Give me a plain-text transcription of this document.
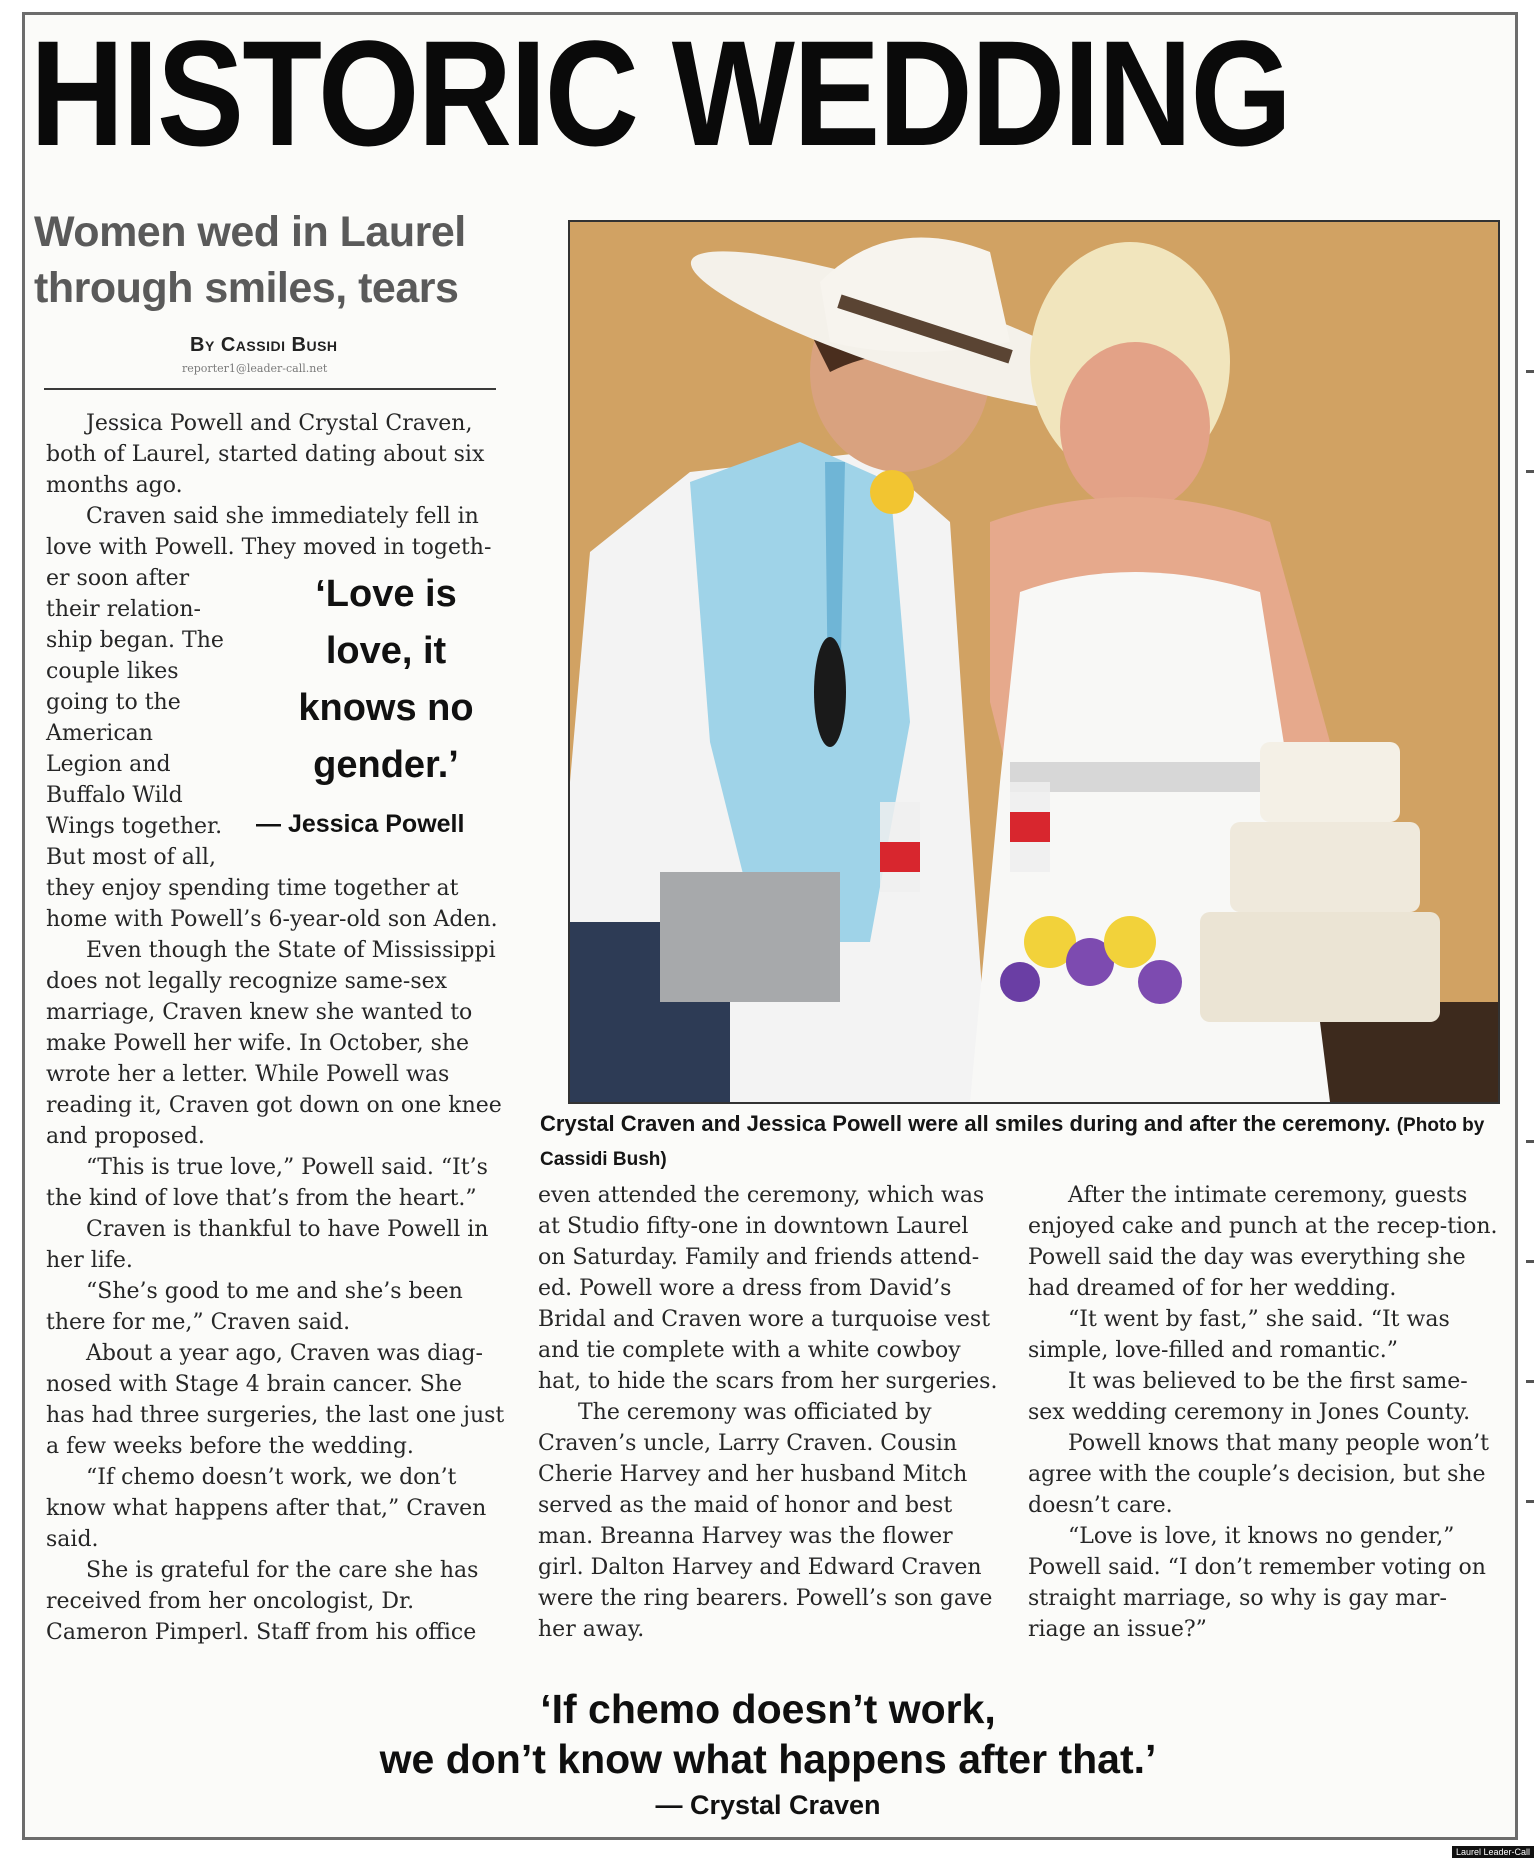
HISTORIC WEDDING
Women wed in Laurel
through smiles, tears
By Cassidi Bush
reporter1@leader-call.net

Jessica Powell and Crystal Craven, both of Laurel, started dating about six months ago.

Craven said she immediately fell in love with Powell. They moved in togeth-

er soon after their relation-ship began. The couple likes going to the American Legion and Buffalo Wild Wings together. But most of all,

‘Love is
love, it
knows no
gender.’
— Jessica Powell

they enjoy spending time together at home with Powell’s 6-year-old son Aden.

Even though the State of Mississippi does not legally recognize same-sex marriage, Craven knew she wanted to make Powell her wife. In October, she wrote her a letter. While Powell was reading it, Craven got down on one knee and proposed.

“This is true love,” Powell said. “It’s the kind of love that’s from the heart.”

Craven is thankful to have Powell in her life.

“She’s good to me and she’s been there for me,” Craven said.

About a year ago, Craven was diag-nosed with Stage 4 brain cancer. She has had three surgeries, the last one just a few weeks before the wedding.

“If chemo doesn’t work, we don’t know what happens after that,” Craven said.

She is grateful for the care she has received from her oncologist, Dr. Cameron Pimperl. Staff from his office

Crystal Craven and Jessica Powell were all smiles during and after the ceremony. (Photo by Cassidi Bush)

even attended the ceremony, which was at Studio fifty-one in downtown Laurel on Saturday. Family and friends attend-ed. Powell wore a dress from David’s Bridal and Craven wore a turquoise vest and tie complete with a white cowboy hat, to hide the scars from her surgeries.

The ceremony was officiated by Craven’s uncle, Larry Craven. Cousin Cherie Harvey and her husband Mitch served as the maid of honor and best man. Breanna Harvey was the flower girl. Dalton Harvey and Edward Craven were the ring bearers. Powell’s son gave her away.

After the intimate ceremony, guests enjoyed cake and punch at the recep-tion. Powell said the day was everything she had dreamed of for her wedding.

“It went by fast,” she said. “It was simple, love-filled and romantic.”

It was believed to be the first same-sex wedding ceremony in Jones County.

Powell knows that many people won’t agree with the couple’s decision, but she doesn’t care.

“Love is love, it knows no gender,” Powell said. “I don’t remember voting on straight marriage, so why is gay mar-riage an issue?”

‘If chemo doesn’t work,
we don’t know what happens after that.’
— Crystal Craven
Laurel Leader-Call
